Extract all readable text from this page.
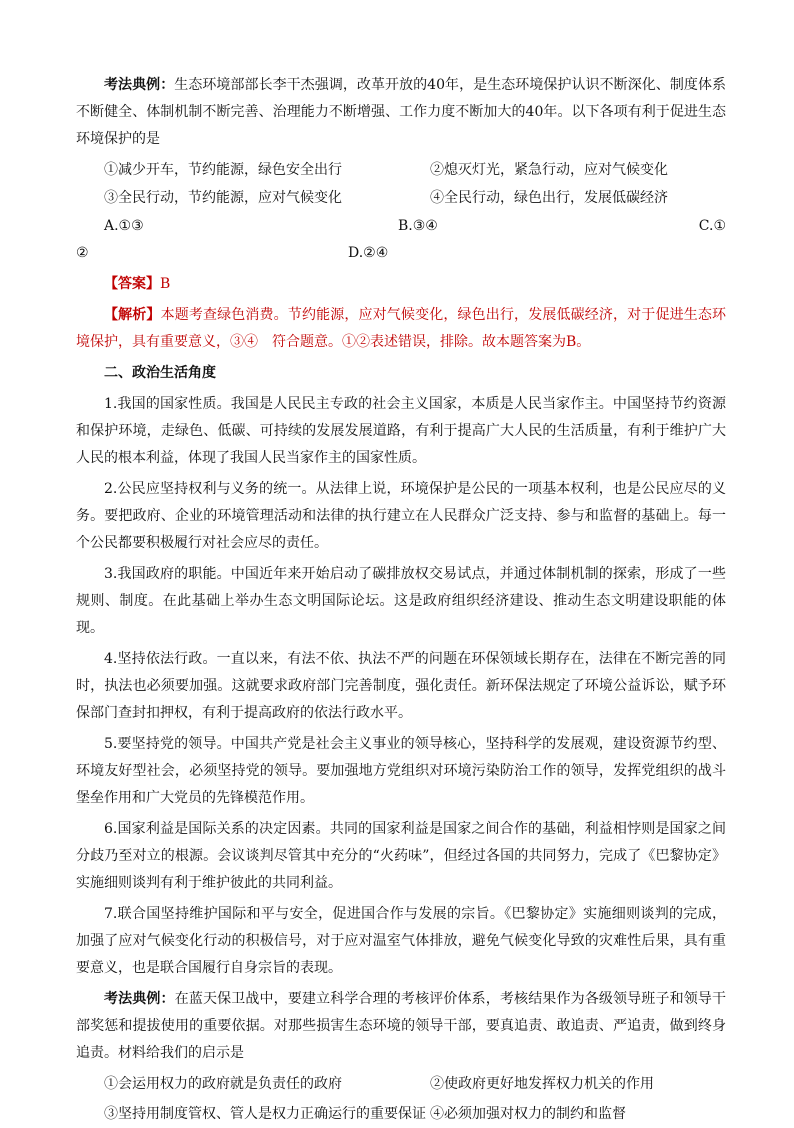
考法典例：生态环境部部长李干杰强调，改革开放的40年，是生态环境保护认识不断深化、制度体系不断健全、体制机制不断完善、治理能力不断增强、工作力度不断加大的40年。以下各项有利于促进生态环境保护的是

①减少开车，节约能源，绿色安全出行	②熄灭灯光，紧急行动，应对气候变化
③全民行动，节约能源，应对气候变化	④全民行动，绿色出行，发展低碳经济
A.①③	B.③④	C.①
②	D.②④

【答案】B

【解析】本题考查绿色消费。节约能源，应对气候变化，绿色出行，发展低碳经济，对于促进生态环境保护，具有重要意义，③④　符合题意。①②表述错误，排除。故本题答案为B。

二、政治生活角度

1.我国的国家性质。我国是人民民主专政的社会主义国家，本质是人民当家作主。中国坚持节约资源和保护环境，走绿色、低碳、可持续的发展发展道路，有利于提高广大人民的生活质量，有利于维护广大人民的根本利益，体现了我国人民当家作主的国家性质。

2.公民应坚持权利与义务的统一。从法律上说，环境保护是公民的一项基本权利，也是公民应尽的义务。要把政府、企业的环境管理活动和法律的执行建立在人民群众广泛支持、参与和监督的基础上。每一个公民都要积极履行对社会应尽的责任。

3.我国政府的职能。中国近年来开始启动了碳排放权交易试点，并通过体制机制的探索，形成了一些规则、制度。在此基础上举办生态文明国际论坛。这是政府组织经济建设、推动生态文明建设职能的体现。

4.坚持依法行政。一直以来，有法不依、执法不严的问题在环保领域长期存在，法律在不断完善的同时，执法也必须要加强。这就要求政府部门完善制度，强化责任。新环保法规定了环境公益诉讼，赋予环保部门查封扣押权，有利于提高政府的依法行政水平。

5.要坚持党的领导。中国共产党是社会主义事业的领导核心，坚持科学的发展观，建设资源节约型、环境友好型社会，必须坚持党的领导。要加强地方党组织对环境污染防治工作的领导，发挥党组织的战斗堡垒作用和广大党员的先锋模范作用。

6.国家利益是国际关系的决定因素。共同的国家利益是国家之间合作的基础，利益相悖则是国家之间分歧乃至对立的根源。会议谈判尽管其中充分的“火药味”，但经过各国的共同努力，完成了《巴黎协定》实施细则谈判有利于维护彼此的共同利益。

7.联合国坚持维护国际和平与安全，促进国合作与发展的宗旨。《巴黎协定》实施细则谈判的完成，加强了应对气候变化行动的积极信号，对于应对温室气体排放，避免气候变化导致的灾难性后果，具有重要意义，也是联合国履行自身宗旨的表现。

考法典例：在蓝天保卫战中，要建立科学合理的考核评价体系，考核结果作为各级领导班子和领导干部奖惩和提拔使用的重要依据。对那些损害生态环境的领导干部，要真追责、敢追责、严追责，做到终身追责。材料给我们的启示是

①会运用权力的政府就是负责任的政府	②使政府更好地发挥权力机关的作用
③坚持用制度管权、管人是权力正确运行的重要保证 ④必须加强对权力的制约和监督
